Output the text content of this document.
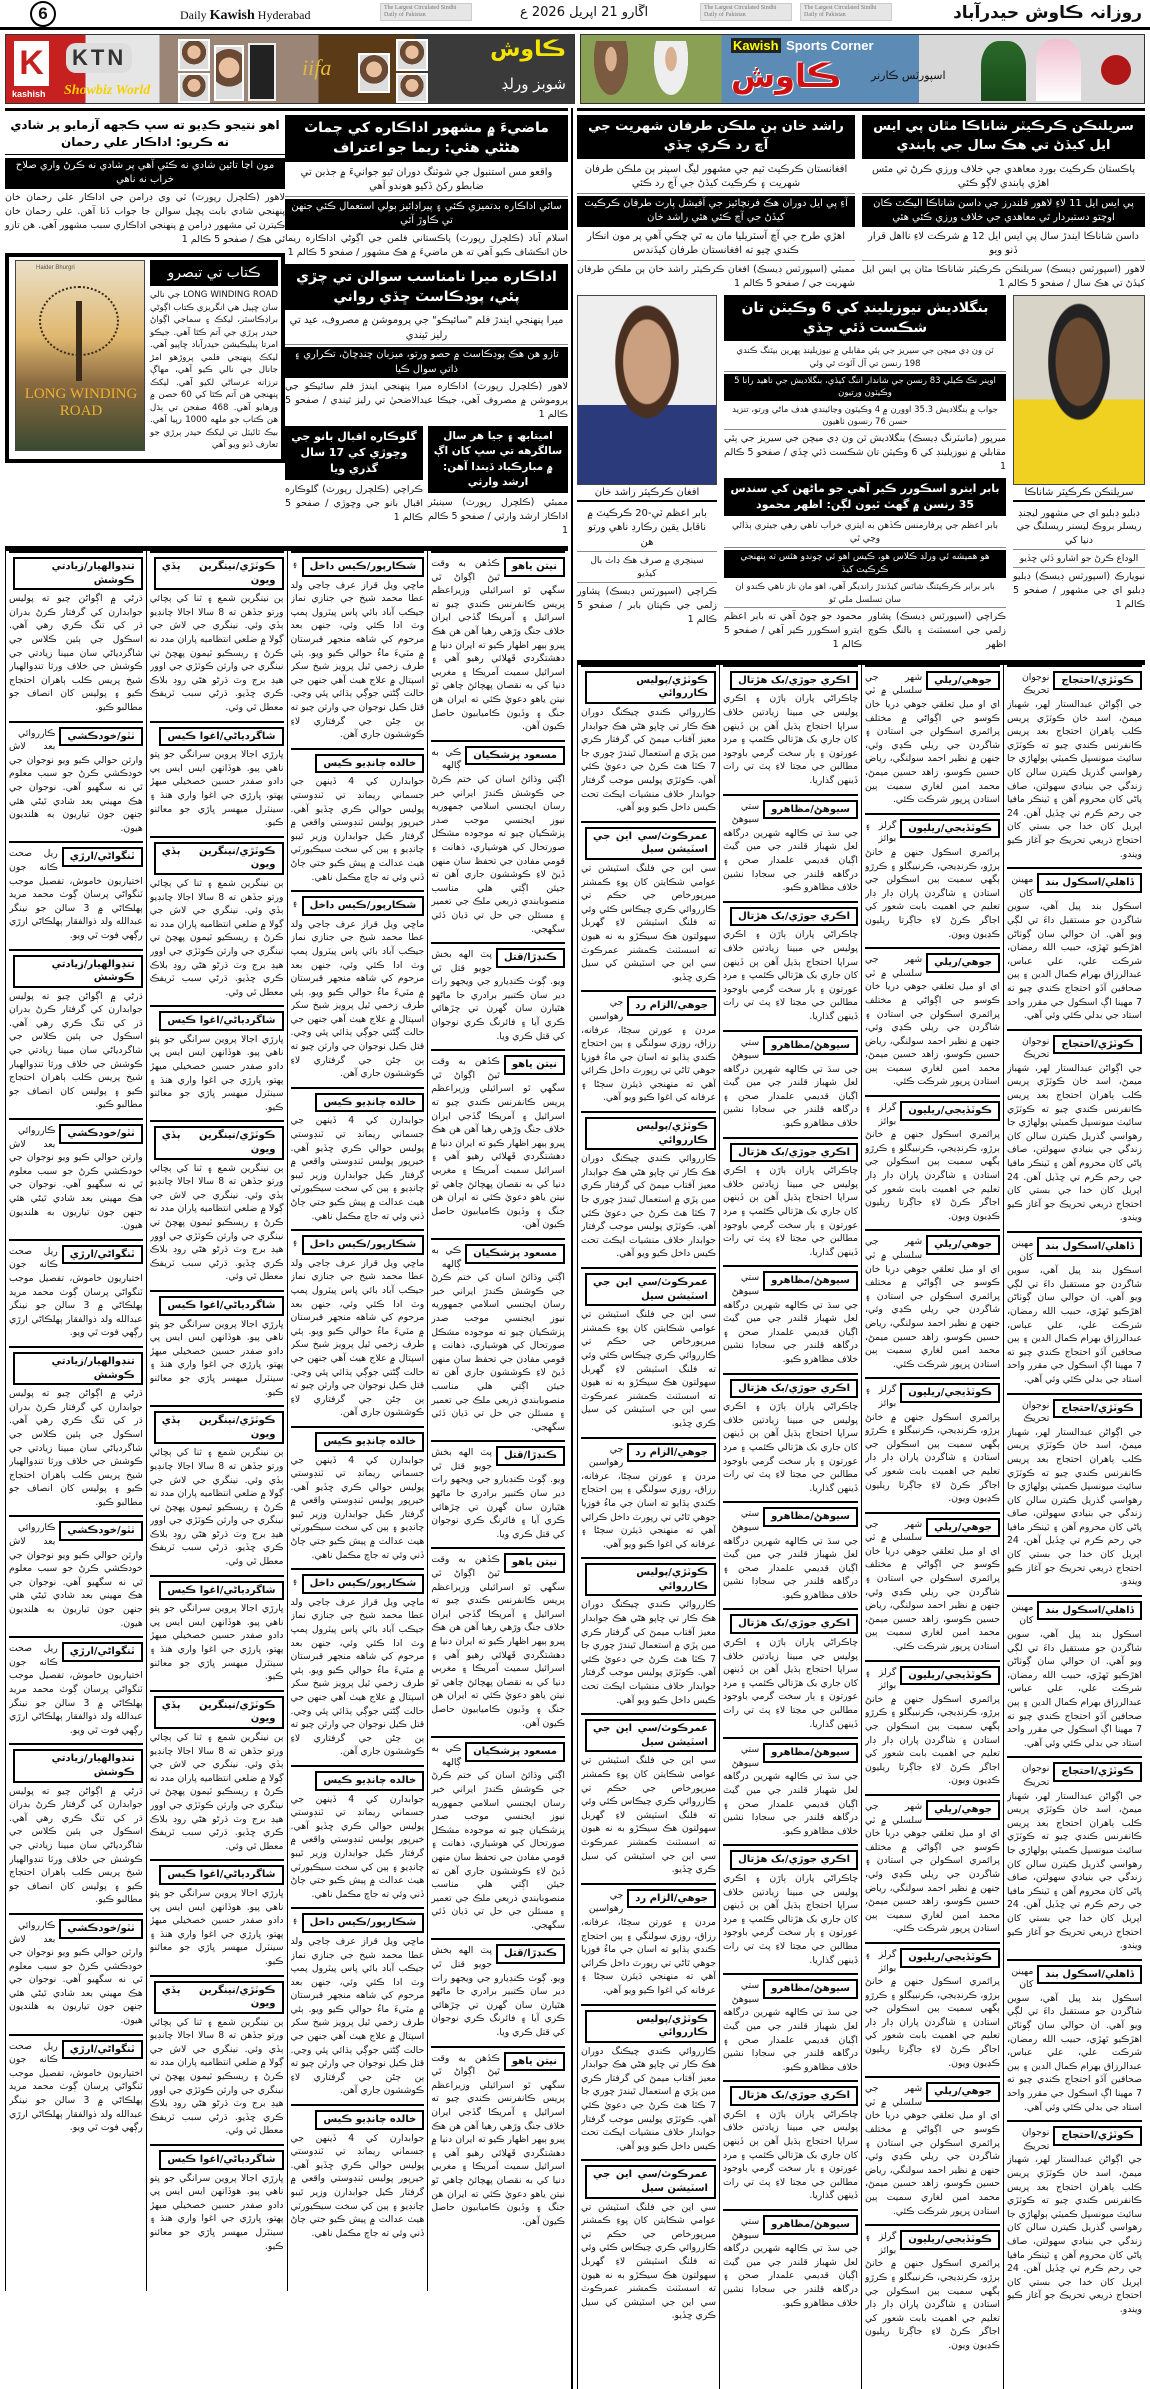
6	Daily Kawish Hyderabad	The Largest Circulated Sindhi Daily of Pakistan	اڱارو 21 اپريل 2026 ع	The Largest Circulated Sindhi Daily of Pakistan
The Largest Circulated Sindhi Daily of Pakistan	روزانہ ڪاوش حيدرآباد
K
kashish
KTN
Showbiz World
iifa
ڪاوش
شوبز ورلڊ
Kawish Sports Corner
ڪاوش	اسپورٽس ڪارنر
سريلنڪن ڪرڪيٽر شاناڪا مٿان پي ايس ايل کيڏڻ تي هڪ سال جي پابندي
پاڪستان ڪرڪيٽ بورڊ معاهدي جي خلاف ورزي ڪرڻ تي مٿس اهڙي پابندي لاڳو ڪئي
پي ايس ايل 11 لاءِ لاهور قلندرز جي داسن شاناڪا اليڪٽ ڪان اوچتو دستبردار ٿي معاهدي جي خلاف ورزي ڪئي هئي
داسن شاناڪا ايندڙ سال پي ايس ايل 12 ۾ شرڪت لاءِ نااهل قرار ڏنو ويو
لاهور (اسپورٽس ڊيسڪ) سريلنڪن ڪرڪيٽر شاناڪا مٿان پي ايس ايل کيڏڻ تي هڪ سال / صفحو 5 ڪالم 1
راشد خان ٻن ملڪن طرفان شهريت جي آڇ رد ڪري ڇڏي
افغانستان ڪرڪيٽ ٽيم جي مشهور ليگ اسپنر ٻن ملڪن طرفان شهريت ۽ ڪرڪيٽ کيڏڻ جي آڇ رد ڪئي
آءِ پي ايل دوران هڪ فرنچائيز جي آفيشل پارٽ طرفان ڪرڪيٽ کيڏڻ جي آڇ ڪئي هئي راشد خان
اهڙي طرح جي آڇ آسٽريليا مان به ٿي چڪي آهي پر مون انڪار ڪندي چيو ته افغانستان طرفان کيڏندس
ممبئي (اسپورٽس ڊيسڪ) افغان ڪرڪيٽر راشد خان ٻن ملڪن طرفان شهريت جي / صفحو 5 ڪالم 1
سريلنڪن ڪرڪيٽر شاناڪا
ڊبليو ڊبليو اي جي مشهور ليجنڊ ريسلر بروڪ ليسنر ريسلنگ جي دنيا کي
الوداع ڪرڻ جو اشارو ڏئي ڇڏيو
نيويارڪ (اسپورٽس ڊيسڪ) ڊبليو ڊبليو اي جي مشهور / صفحو 5 ڪالم 1
بنگلاديش نيوزيلينڊ کي 6 وڪيٽن تان شڪست ڏئي ڇڏي
ٽن ون ڊي ميچن جي سيريز جي ٻئي مقابلي ۾ نيوزيلينڊ پهرين بيٽنگ ڪندي 198 رنسن تي آل آئوٽ ٿي وئي
اوپنر نڪ ڪيلي 83 رنسن جي شاندار اننگ کيڏي، بنگلاديش جي ناهيد رانا 5 وڪيٽون ورتيون
جواب ۾ بنگلاديش 35.3 اوورن ۾ 4 وڪيٽون وڃائيندي هدف ماڻي ورتو، تنزيد حسن 76 رنسون ٺاهيون
ميرپور (مانيٽرنگ ڊيسڪ) بنگلاديش ٽن ون ڊي ميچن جي سيريز جي ٻئي مقابلي ۾ نيوزيلينڊ کي 6 وڪيٽن تان شڪست ڏئي ڇڏي / صفحو 5 ڪالم 1
بابر ايترو اسڪورر ڪير آهي جو ماڻهن کي سندس 35 رنسن ۾ گهٽ ٿيون لڳن: اظهر محمود
بابر اعظم جي پرفارمنس ڪڏهن به ايتري خراب ناهي رهي جيتري ٻڌائي وڃي ٿي
هو هميشه ئي ورلڊ ڪلاس هو، ڪيس اهو ئي چوندو هئس ته پنهنجي ڪرڪيٽ کيڏ
بابر برابر ڪرڪيٽنگ شاٽس کيڏندڙ رانديگر آهي، اهو مان ناز ناهي ڪندو ان سان تسلسل ملي ٿو
ڪراچي (اسپورٽس ڊيسڪ) پشاور زلمي جي اسسٽنٽ ۽ بالنگ ڪوچ اظهر
محمود جو چوڻ آهي ته بابر اعظم ايترو اسڪورر ڪير آهي / صفحو 5 ڪالم 1
افغان ڪرڪيٽر راشد خان
بابر اعظم ٽي-20 ڪرڪيٽ ۾ ناقابل يقين رڪارڊ ناهي ورتو هن
سينچري ۾ صرف هڪ ڊاٽ بال کيڏيو
ڪراچي (اسپورٽس ڊيسڪ) پشاور زلمي جي ڪپتان بابر / صفحو 5 ڪالم 1
ڪوٽڙي/احتجاج
نوجوان تحريڪ جي اڳواڻن عبدالستار لهر، شهباز ميمڻ، اسد خان ڪوٽڙي پريس ڪلب ٻاهران احتجاج بعد پريس ڪانفرنس ڪندي چيو ته ڪوٽڙي سائيٽ ميونسپل ڪميٽي ٻولهاڙي جا رهواسي گذريل ڪيترن سالن کان زندگي جي بنيادي سهولتن، صاف پاڻي کان محروم آهن ۽ ٽينڪر مافيا جي رحم ڪرم تي ڇڏيل آهن. 24 اپريل کان خدا جي بستي کان احتجاج ذريعي تحريڪ جو آغاز ڪيو ويندو.
ڏاھلي/اسڪول بند
مهينن کان اسڪول بند پيل آهي، سوين شاگردن جو مستقبل داءَ تي لڳي ويو آهي. ان حوالي سان ڳوٺاڻن اهڙڪيو ٿهڙي، حبيب الله رمضان، شرڪت علي، علي عباس، عبدالرزاق بهرام ڪمال الدين ۽ ٻين صحافين آڏو احتجاج ڪندي چيو ته 7 مهينا اڳ اسڪول جي مقرر واحد استاد جي بدلي ڪئي وئي آهي.
ڪوٽڙي/احتجاج
نوجوان تحريڪ جي اڳواڻن عبدالستار لهر، شهباز ميمڻ، اسد خان ڪوٽڙي پريس ڪلب ٻاهران احتجاج بعد پريس ڪانفرنس ڪندي چيو ته ڪوٽڙي سائيٽ ميونسپل ڪميٽي ٻولهاڙي جا رهواسي گذريل ڪيترن سالن کان زندگي جي بنيادي سهولتن، صاف پاڻي کان محروم آهن ۽ ٽينڪر مافيا جي رحم ڪرم تي ڇڏيل آهن. 24 اپريل کان خدا جي بستي کان احتجاج ذريعي تحريڪ جو آغاز ڪيو ويندو.
ڏاھلي/اسڪول بند
مهينن کان اسڪول بند پيل آهي، سوين شاگردن جو مستقبل داءَ تي لڳي ويو آهي. ان حوالي سان ڳوٺاڻن اهڙڪيو ٿهڙي، حبيب الله رمضان، شرڪت علي، علي عباس، عبدالرزاق بهرام ڪمال الدين ۽ ٻين صحافين آڏو احتجاج ڪندي چيو ته 7 مهينا اڳ اسڪول جي مقرر واحد استاد جي بدلي ڪئي وئي آهي.
ڪوٽڙي/احتجاج
نوجوان تحريڪ جي اڳواڻن عبدالستار لهر، شهباز ميمڻ، اسد خان ڪوٽڙي پريس ڪلب ٻاهران احتجاج بعد پريس ڪانفرنس ڪندي چيو ته ڪوٽڙي سائيٽ ميونسپل ڪميٽي ٻولهاڙي جا رهواسي گذريل ڪيترن سالن کان زندگي جي بنيادي سهولتن، صاف پاڻي کان محروم آهن ۽ ٽينڪر مافيا جي رحم ڪرم تي ڇڏيل آهن. 24 اپريل کان خدا جي بستي کان احتجاج ذريعي تحريڪ جو آغاز ڪيو ويندو.
ڏاھلي/اسڪول بند
مهينن کان اسڪول بند پيل آهي، سوين شاگردن جو مستقبل داءَ تي لڳي ويو آهي. ان حوالي سان ڳوٺاڻن اهڙڪيو ٿهڙي، حبيب الله رمضان، شرڪت علي، علي عباس، عبدالرزاق بهرام ڪمال الدين ۽ ٻين صحافين آڏو احتجاج ڪندي چيو ته 7 مهينا اڳ اسڪول جي مقرر واحد استاد جي بدلي ڪئي وئي آهي.
ڪوٽڙي/احتجاج
نوجوان تحريڪ جي اڳواڻن عبدالستار لهر، شهباز ميمڻ، اسد خان ڪوٽڙي پريس ڪلب ٻاهران احتجاج بعد پريس ڪانفرنس ڪندي چيو ته ڪوٽڙي سائيٽ ميونسپل ڪميٽي ٻولهاڙي جا رهواسي گذريل ڪيترن سالن کان زندگي جي بنيادي سهولتن، صاف پاڻي کان محروم آهن ۽ ٽينڪر مافيا جي رحم ڪرم تي ڇڏيل آهن. 24 اپريل کان خدا جي بستي کان احتجاج ذريعي تحريڪ جو آغاز ڪيو ويندو.
ڏاھلي/اسڪول بند
مهينن کان اسڪول بند پيل آهي، سوين شاگردن جو مستقبل داءَ تي لڳي ويو آهي. ان حوالي سان ڳوٺاڻن اهڙڪيو ٿهڙي، حبيب الله رمضان، شرڪت علي، علي عباس، عبدالرزاق بهرام ڪمال الدين ۽ ٻين صحافين آڏو احتجاج ڪندي چيو ته 7 مهينا اڳ اسڪول جي مقرر واحد استاد جي بدلي ڪئي وئي آهي.
ڪوٽڙي/احتجاج
نوجوان تحريڪ جي اڳواڻن عبدالستار لهر، شهباز ميمڻ، اسد خان ڪوٽڙي پريس ڪلب ٻاهران احتجاج بعد پريس ڪانفرنس ڪندي چيو ته ڪوٽڙي سائيٽ ميونسپل ڪميٽي ٻولهاڙي جا رهواسي گذريل ڪيترن سالن کان زندگي جي بنيادي سهولتن، صاف پاڻي کان محروم آهن ۽ ٽينڪر مافيا جي رحم ڪرم تي ڇڏيل آهن. 24 اپريل کان خدا جي بستي کان احتجاج ذريعي تحريڪ جو آغاز ڪيو ويندو.
جوهي/ريلي
شهر جي سلسلي ۾ ٽي اي او ميل تعلقي جوهي دريا خان ڪوسو جي اڳواڻي ۾ مختلف پرائمري اسڪولن جي استادن ۽ شاگردن جي ريلي ڪڍي وئي، جنهن ۾ نظير احمد سولنگي، رياض حسين ڪوسو، زاهد حسين ميمڻ، محمد امين لغاري سميت ٻين استادن ڀرپور شرڪت ڪئي.
ڪوٽڏيجي/ريليون
گرلز ۽ بوائز پرائمري اسڪول جنهن ۾ خانڻ ٻرڙو، ڪرنڊيجي، ڪرنبيگلو ۽ ڪرڙو ٻگهي سميت ٻين اسڪولن جي استادن ۽ شاگردن پاران ڊار ڊار تعليم جي اهميت بابت شعور کي اجاگر ڪرڻ لاءِ جاڳرتا ريليون ڪڍيون ويون.
جوهي/ريلي
شهر جي سلسلي ۾ ٽي اي او ميل تعلقي جوهي دريا خان ڪوسو جي اڳواڻي ۾ مختلف پرائمري اسڪولن جي استادن ۽ شاگردن جي ريلي ڪڍي وئي، جنهن ۾ نظير احمد سولنگي، رياض حسين ڪوسو، زاهد حسين ميمڻ، محمد امين لغاري سميت ٻين استادن ڀرپور شرڪت ڪئي.
ڪوٽڏيجي/ريليون
گرلز ۽ بوائز پرائمري اسڪول جنهن ۾ خانڻ ٻرڙو، ڪرنڊيجي، ڪرنبيگلو ۽ ڪرڙو ٻگهي سميت ٻين اسڪولن جي استادن ۽ شاگردن پاران ڊار ڊار تعليم جي اهميت بابت شعور کي اجاگر ڪرڻ لاءِ جاڳرتا ريليون ڪڍيون ويون.
جوهي/ريلي
شهر جي سلسلي ۾ ٽي اي او ميل تعلقي جوهي دريا خان ڪوسو جي اڳواڻي ۾ مختلف پرائمري اسڪولن جي استادن ۽ شاگردن جي ريلي ڪڍي وئي، جنهن ۾ نظير احمد سولنگي، رياض حسين ڪوسو، زاهد حسين ميمڻ، محمد امين لغاري سميت ٻين استادن ڀرپور شرڪت ڪئي.
ڪوٽڏيجي/ريليون
گرلز ۽ بوائز پرائمري اسڪول جنهن ۾ خانڻ ٻرڙو، ڪرنڊيجي، ڪرنبيگلو ۽ ڪرڙو ٻگهي سميت ٻين اسڪولن جي استادن ۽ شاگردن پاران ڊار ڊار تعليم جي اهميت بابت شعور کي اجاگر ڪرڻ لاءِ جاڳرتا ريليون ڪڍيون ويون.
جوهي/ريلي
شهر جي سلسلي ۾ ٽي اي او ميل تعلقي جوهي دريا خان ڪوسو جي اڳواڻي ۾ مختلف پرائمري اسڪولن جي استادن ۽ شاگردن جي ريلي ڪڍي وئي، جنهن ۾ نظير احمد سولنگي، رياض حسين ڪوسو، زاهد حسين ميمڻ، محمد امين لغاري سميت ٻين استادن ڀرپور شرڪت ڪئي.
ڪوٽڏيجي/ريليون
گرلز ۽ بوائز پرائمري اسڪول جنهن ۾ خانڻ ٻرڙو، ڪرنڊيجي، ڪرنبيگلو ۽ ڪرڙو ٻگهي سميت ٻين اسڪولن جي استادن ۽ شاگردن پاران ڊار ڊار تعليم جي اهميت بابت شعور کي اجاگر ڪرڻ لاءِ جاڳرتا ريليون ڪڍيون ويون.
جوهي/ريلي
شهر جي سلسلي ۾ ٽي اي او ميل تعلقي جوهي دريا خان ڪوسو جي اڳواڻي ۾ مختلف پرائمري اسڪولن جي استادن ۽ شاگردن جي ريلي ڪڍي وئي، جنهن ۾ نظير احمد سولنگي، رياض حسين ڪوسو، زاهد حسين ميمڻ، محمد امين لغاري سميت ٻين استادن ڀرپور شرڪت ڪئي.
ڪوٽڏيجي/ريليون
گرلز ۽ بوائز پرائمري اسڪول جنهن ۾ خانڻ ٻرڙو، ڪرنڊيجي، ڪرنبيگلو ۽ ڪرڙو ٻگهي سميت ٻين اسڪولن جي استادن ۽ شاگردن پاران ڊار ڊار تعليم جي اهميت بابت شعور کي اجاگر ڪرڻ لاءِ جاڳرتا ريليون ڪڍيون ويون.
جوهي/ريلي
شهر جي سلسلي ۾ ٽي اي او ميل تعلقي جوهي دريا خان ڪوسو جي اڳواڻي ۾ مختلف پرائمري اسڪولن جي استادن ۽ شاگردن جي ريلي ڪڍي وئي، جنهن ۾ نظير احمد سولنگي، رياض حسين ڪوسو، زاهد حسين ميمڻ، محمد امين لغاري سميت ٻين استادن ڀرپور شرڪت ڪئي.
ڪوٽڏيجي/ريليون
گرلز ۽ بوائز پرائمري اسڪول جنهن ۾ خانڻ ٻرڙو، ڪرنڊيجي، ڪرنبيگلو ۽ ڪرڙو ٻگهي سميت ٻين اسڪولن جي استادن ۽ شاگردن پاران ڊار ڊار تعليم جي اهميت بابت شعور کي اجاگر ڪرڻ لاءِ جاڳرتا ريليون ڪڍيون ويون.
اڪري جوڙي/بک هڙتال
چاڪراڻي پاران ٻاڙن ۽ اڪري پوليس جي مبينا زيادتين خلاف سراپا احتجاج ٻڌيل آهن ٻن ڏينهن کان جاري بک هڙتالي ڪئمپ ۽ مرد عورتون ۽ ٻار سخت گرمي باوجود مطالبن جي مڃتا لاءِ پٽ تي رات ڏينهن گذاريا.
سيوهڻ/مظاهرو
ستي سيوهڻ جي سڌ تي ڪالهه شهرين درگاهه لعل شهباز قلندر جي مين گيٽ اڳيان قديمي علمدار صحن ۽ درگاهه قلندر جي سجاڊا نشين خلاف مظاهرو ڪيو.
اڪري جوڙي/بک هڙتال
چاڪراڻي پاران ٻاڙن ۽ اڪري پوليس جي مبينا زيادتين خلاف سراپا احتجاج ٻڌيل آهن ٻن ڏينهن کان جاري بک هڙتالي ڪئمپ ۽ مرد عورتون ۽ ٻار سخت گرمي باوجود مطالبن جي مڃتا لاءِ پٽ تي رات ڏينهن گذاريا.
سيوهڻ/مظاهرو
ستي سيوهڻ جي سڌ تي ڪالهه شهرين درگاهه لعل شهباز قلندر جي مين گيٽ اڳيان قديمي علمدار صحن ۽ درگاهه قلندر جي سجاڊا نشين خلاف مظاهرو ڪيو.
اڪري جوڙي/بک هڙتال
چاڪراڻي پاران ٻاڙن ۽ اڪري پوليس جي مبينا زيادتين خلاف سراپا احتجاج ٻڌيل آهن ٻن ڏينهن کان جاري بک هڙتالي ڪئمپ ۽ مرد عورتون ۽ ٻار سخت گرمي باوجود مطالبن جي مڃتا لاءِ پٽ تي رات ڏينهن گذاريا.
سيوهڻ/مظاهرو
ستي سيوهڻ جي سڌ تي ڪالهه شهرين درگاهه لعل شهباز قلندر جي مين گيٽ اڳيان قديمي علمدار صحن ۽ درگاهه قلندر جي سجاڊا نشين خلاف مظاهرو ڪيو.
اڪري جوڙي/بک هڙتال
چاڪراڻي پاران ٻاڙن ۽ اڪري پوليس جي مبينا زيادتين خلاف سراپا احتجاج ٻڌيل آهن ٻن ڏينهن کان جاري بک هڙتالي ڪئمپ ۽ مرد عورتون ۽ ٻار سخت گرمي باوجود مطالبن جي مڃتا لاءِ پٽ تي رات ڏينهن گذاريا.
سيوهڻ/مظاهرو
ستي سيوهڻ جي سڌ تي ڪالهه شهرين درگاهه لعل شهباز قلندر جي مين گيٽ اڳيان قديمي علمدار صحن ۽ درگاهه قلندر جي سجاڊا نشين خلاف مظاهرو ڪيو.
اڪري جوڙي/بک هڙتال
چاڪراڻي پاران ٻاڙن ۽ اڪري پوليس جي مبينا زيادتين خلاف سراپا احتجاج ٻڌيل آهن ٻن ڏينهن کان جاري بک هڙتالي ڪئمپ ۽ مرد عورتون ۽ ٻار سخت گرمي باوجود مطالبن جي مڃتا لاءِ پٽ تي رات ڏينهن گذاريا.
سيوهڻ/مظاهرو
ستي سيوهڻ جي سڌ تي ڪالهه شهرين درگاهه لعل شهباز قلندر جي مين گيٽ اڳيان قديمي علمدار صحن ۽ درگاهه قلندر جي سجاڊا نشين خلاف مظاهرو ڪيو.
اڪري جوڙي/بک هڙتال
چاڪراڻي پاران ٻاڙن ۽ اڪري پوليس جي مبينا زيادتين خلاف سراپا احتجاج ٻڌيل آهن ٻن ڏينهن کان جاري بک هڙتالي ڪئمپ ۽ مرد عورتون ۽ ٻار سخت گرمي باوجود مطالبن جي مڃتا لاءِ پٽ تي رات ڏينهن گذاريا.
سيوهڻ/مظاهرو
ستي سيوهڻ جي سڌ تي ڪالهه شهرين درگاهه لعل شهباز قلندر جي مين گيٽ اڳيان قديمي علمدار صحن ۽ درگاهه قلندر جي سجاڊا نشين خلاف مظاهرو ڪيو.
اڪري جوڙي/بک هڙتال
چاڪراڻي پاران ٻاڙن ۽ اڪري پوليس جي مبينا زيادتين خلاف سراپا احتجاج ٻڌيل آهن ٻن ڏينهن کان جاري بک هڙتالي ڪئمپ ۽ مرد عورتون ۽ ٻار سخت گرمي باوجود مطالبن جي مڃتا لاءِ پٽ تي رات ڏينهن گذاريا.
سيوهڻ/مظاهرو
ستي سيوهڻ جي سڌ تي ڪالهه شهرين درگاهه لعل شهباز قلندر جي مين گيٽ اڳيان قديمي علمدار صحن ۽ درگاهه قلندر جي سجاڊا نشين خلاف مظاهرو ڪيو.
ڪوٽڙي/پوليس ڪارروائي
ڪارروائي ڪندي چيڪنگ دوران هڪ ڪار تي ڇاپو هڻي هڪ جوابدار معيز آفتاب ميمڻ کي گرفتار ڪري مين پڙي ۾ استعمال ٿيندڙ چوري جا 7 ڪٽا هٿ ڪرڻ جي دعويٰ ڪئي آهي. ڪوٽڙي پوليس موجب گرفتار جوابدار خلاف منشيات ايڪٽ تحت ڪيس داخل ڪيو ويو آهي.
عمرڪوٽ/سي اين جي اسٽيشن سيل
سي اين جي فلنگ اسٽيشن تي عوامي شڪايتن کان پوءِ ڪمشنر ميرپورخاص جي حڪم تي ڪارروائي ڪري چيڪاس ڪئي وئي ته فلنگ اسٽيشن لاءِ گهربل سهولتون هڪ سيڪڙو به نه هيون ته اسسٽنٽ ڪمشنر عمرڪوٽ سي اين جي اسٽيشن کي سيل ڪري ڇڏيو.
جوهي/الزام رد
جي رهواسين مردن ۽ عورتن سڄڻا، عرفانه، رزاق، روزي سولنگي ۽ ٻين احتجاج ڪندي ٻڌايو ته اسان جي ماءُ فوزيا جوهي ٿاڻي تي رپورٽ داخل ڪرائي آهي ته منهنجي ڌيئرن سڄڻا ۽ عرفانه کي اغوا ڪيو ويو آهي.
ڪوٽڙي/پوليس ڪارروائي
ڪارروائي ڪندي چيڪنگ دوران هڪ ڪار تي ڇاپو هڻي هڪ جوابدار معيز آفتاب ميمڻ کي گرفتار ڪري مين پڙي ۾ استعمال ٿيندڙ چوري جا 7 ڪٽا هٿ ڪرڻ جي دعويٰ ڪئي آهي. ڪوٽڙي پوليس موجب گرفتار جوابدار خلاف منشيات ايڪٽ تحت ڪيس داخل ڪيو ويو آهي.
عمرڪوٽ/سي اين جي اسٽيشن سيل
سي اين جي فلنگ اسٽيشن تي عوامي شڪايتن کان پوءِ ڪمشنر ميرپورخاص جي حڪم تي ڪارروائي ڪري چيڪاس ڪئي وئي ته فلنگ اسٽيشن لاءِ گهربل سهولتون هڪ سيڪڙو به نه هيون ته اسسٽنٽ ڪمشنر عمرڪوٽ سي اين جي اسٽيشن کي سيل ڪري ڇڏيو.
جوهي/الزام رد
جي رهواسين مردن ۽ عورتن سڄڻا، عرفانه، رزاق، روزي سولنگي ۽ ٻين احتجاج ڪندي ٻڌايو ته اسان جي ماءُ فوزيا جوهي ٿاڻي تي رپورٽ داخل ڪرائي آهي ته منهنجي ڌيئرن سڄڻا ۽ عرفانه کي اغوا ڪيو ويو آهي.
ڪوٽڙي/پوليس ڪارروائي
ڪارروائي ڪندي چيڪنگ دوران هڪ ڪار تي ڇاپو هڻي هڪ جوابدار معيز آفتاب ميمڻ کي گرفتار ڪري مين پڙي ۾ استعمال ٿيندڙ چوري جا 7 ڪٽا هٿ ڪرڻ جي دعويٰ ڪئي آهي. ڪوٽڙي پوليس موجب گرفتار جوابدار خلاف منشيات ايڪٽ تحت ڪيس داخل ڪيو ويو آهي.
عمرڪوٽ/سي اين جي اسٽيشن سيل
سي اين جي فلنگ اسٽيشن تي عوامي شڪايتن کان پوءِ ڪمشنر ميرپورخاص جي حڪم تي ڪارروائي ڪري چيڪاس ڪئي وئي ته فلنگ اسٽيشن لاءِ گهربل سهولتون هڪ سيڪڙو به نه هيون ته اسسٽنٽ ڪمشنر عمرڪوٽ سي اين جي اسٽيشن کي سيل ڪري ڇڏيو.
جوهي/الزام رد
جي رهواسين مردن ۽ عورتن سڄڻا، عرفانه، رزاق، روزي سولنگي ۽ ٻين احتجاج ڪندي ٻڌايو ته اسان جي ماءُ فوزيا جوهي ٿاڻي تي رپورٽ داخل ڪرائي آهي ته منهنجي ڌيئرن سڄڻا ۽ عرفانه کي اغوا ڪيو ويو آهي.
ڪوٽڙي/پوليس ڪارروائي
ڪارروائي ڪندي چيڪنگ دوران هڪ ڪار تي ڇاپو هڻي هڪ جوابدار معيز آفتاب ميمڻ کي گرفتار ڪري مين پڙي ۾ استعمال ٿيندڙ چوري جا 7 ڪٽا هٿ ڪرڻ جي دعويٰ ڪئي آهي. ڪوٽڙي پوليس موجب گرفتار جوابدار خلاف منشيات ايڪٽ تحت ڪيس داخل ڪيو ويو آهي.
عمرڪوٽ/سي اين جي اسٽيشن سيل
سي اين جي فلنگ اسٽيشن تي عوامي شڪايتن کان پوءِ ڪمشنر ميرپورخاص جي حڪم تي ڪارروائي ڪري چيڪاس ڪئي وئي ته فلنگ اسٽيشن لاءِ گهربل سهولتون هڪ سيڪڙو به نه هيون ته اسسٽنٽ ڪمشنر عمرڪوٽ سي اين جي اسٽيشن کي سيل ڪري ڇڏيو.
ماضيءَ ۾ مشهور اداڪاره کي چماٽ هڻڻي هئي: ريما جو اعتراف
واقعو مس استنبول جي شوٽنگ دوران ٿيو جوانيءَ ۾ جذبن تي ضابطو رکڻ ڏکيو هوندو آهي
ساٿي اداڪاره بدتميزي ڪئي ۽ پيراڊائيز ٻولي استعمال ڪئي جنهن تي ڪاوڙ آئي
اسلام آباد (ڪلچرل رپورٽ) پاڪستاني فلمن جي اڳوڻي اداڪاره ريما خان انڪشاف ڪيو آهي ته هن ماضيءَ ۾ هڪ مشهور / صفحو 5 ڪالم 1
اداڪاره ميرا نامناسب سوالن تي چڙي پئي، پوڊڪاسٽ ڇڏي رواني
ميرا پنهنجي ايندڙ فلم "سائيڪو" جي پروموشن ۾ مصروف، عيد تي رليز ٿيندي
تازو هن هڪ پوڊڪاسٽ ۾ حصو ورتو، ميزبان ڇنڊڇاڻ، تڪراري ۽ ذاتي سوال ڪيا
لاهور (ڪلچرل رپورٽ) اداڪاره ميرا پنهنجي ايندڙ فلم سائيڪو جي پروموشن ۾ مصروف آهي، جيڪا عيدالاضحيٰ تي رليز ٿيندي / صفحو 5 ڪالم 1
اميتابھ ۽ جيا هر سال سالگرهه تي سڀ کان اڳ ۾ مبارڪباد ڏيندا آهن: ارشد وارثي
ممبئي (ڪلچرل رپورٽ) سينيئر اداڪار ارشد وارثي / صفحو 5 ڪالم 1
گلوڪاره اقبال بانو جي وڇوڙي کي 17 سال گذري ويا
ڪراچي (ڪلچرل رپورٽ) گلوڪاره اقبال بانو جي وڇوڙي / صفحو 5 ڪالم 1
اهو نتيجو ڪڍيو ته سڀ ڪجهه آزمايو پر شادي نه ڪريو: اداڪار علي رحمان
مون اڃا تائين شادي نه ڪئي آهي پر شادي نه ڪرڻ واري صلاح خراب نه ناهي
لاهور (ڪلچرل رپورٽ) ٽي وي ڊرامن جي اداڪار علي رحمان خان پنهنجي شادي بابت پڇيل سوالن جا جواب ڏنا آهن. علي رحمان خان ڪيترن ئي مشهور ڊرامن ۾ پنهنجي اداڪاري سبب مشهور آهي. هن تازو ئي هڪ / صفحو 5 ڪالم 1
ڪتاب تي تبصرو
LONG WINDING ROAD جي نالي سان ڇپيل هي انگريزي ڪتاب اڳوڻي براڊڪاسٽر، ليکڪ ۽ سماجي اڳواڻ حيدر ٻرڙي جي آتم ڪٿا آهي. جيڪو امرتا پبليڪيشن حيدرآباد ڇاپيو آهي. ليکڪ پنهنجي فلمي پروڙهو امڙ جانال جي نالي ڪيو آهي، مهاڳ نرزانه عرساڻي لکيو آهي. ليکڪ پنهنجي هن آتم ڪٿا کي 60 حصن ۾ ورهايو آهي. 468 صفحن تي ٻڌل هن ڪتاب جو ملهه 1000 رپيا آهي. بيڪ ٽائيٽل تي ليکڪ حيدر ٻرڙي جو تعارف ڏنو ويو آهي
Haider Bhurgri
LONG WINDING ROAD
نيتن ياهو
ڪڏهن به وقت ٿيڻ اڳواڻ ٿي سگهي ٿو اسرائيلي وزيراعظم پريس ڪانفرنس ڪندي چيو ته اسرائيل ۽ آمريڪا گڏجي ايران خلاف جنگ وڙهي رهيا آهن هن هڪ ڀيرو ٻيهر اظهار ڪيو ته ايران دنيا ۾ دهشتگردي ڦهلائي رهيو آهي ۽ اسرائيل سميت آمريڪا ۽ مغربي دنيا کي به نقصان پهچائڻ چاهي ٿو نيتن ياهو دعويٰ ڪئي ته ايران هن جنگ ۽ وڏيون ڪاميابيون حاصل ڪيون آهن.
مسعود پزشڪيان
ڪي به ڳالهه اڳتي وڌائڻ اسان کي ختم ڪرڻ جي ڪوشش ڪندڙ ايراني خبر رسان ايجنسي اسلامي جمهوريه نيوز ايجنسي موجب صدر پزشڪيان چيو ته موجوده مشڪل صورتحال کي هوشياري، ذهانت ۽ قومي مفادن جي تحفظ سان منهن ڏيڻ لاءِ ڪوششون جاري آهن ته جيئن اڳتي هلي مناسب منصوبابندي ذريعي ملڪ جي تعمير ۽ مسئلن جي حل تي ڌيان ڏئي سگهجي.
ڪنڊڙا/قتل
پٽ الهه بخش جويو قتل ٿي ويو. ڳوٺ ڪنڊيارو جي ويجهو رات دير سان ڪتبير برادري جا ماڻهو هٿيارن سان گهرن تي چڙهائي ڪري آيا ۽ فائرنگ ڪري نوجوان کي قتل ڪري ويا.
نيتن ياهو
ڪڏهن به وقت ٿيڻ اڳواڻ ٿي سگهي ٿو اسرائيلي وزيراعظم پريس ڪانفرنس ڪندي چيو ته اسرائيل ۽ آمريڪا گڏجي ايران خلاف جنگ وڙهي رهيا آهن هن هڪ ڀيرو ٻيهر اظهار ڪيو ته ايران دنيا ۾ دهشتگردي ڦهلائي رهيو آهي ۽ اسرائيل سميت آمريڪا ۽ مغربي دنيا کي به نقصان پهچائڻ چاهي ٿو نيتن ياهو دعويٰ ڪئي ته ايران هن جنگ ۽ وڏيون ڪاميابيون حاصل ڪيون آهن.
مسعود پزشڪيان
ڪي به ڳالهه اڳتي وڌائڻ اسان کي ختم ڪرڻ جي ڪوشش ڪندڙ ايراني خبر رسان ايجنسي اسلامي جمهوريه نيوز ايجنسي موجب صدر پزشڪيان چيو ته موجوده مشڪل صورتحال کي هوشياري، ذهانت ۽ قومي مفادن جي تحفظ سان منهن ڏيڻ لاءِ ڪوششون جاري آهن ته جيئن اڳتي هلي مناسب منصوبابندي ذريعي ملڪ جي تعمير ۽ مسئلن جي حل تي ڌيان ڏئي سگهجي.
ڪنڊڙا/قتل
پٽ الهه بخش جويو قتل ٿي ويو. ڳوٺ ڪنڊيارو جي ويجهو رات دير سان ڪتبير برادري جا ماڻهو هٿيارن سان گهرن تي چڙهائي ڪري آيا ۽ فائرنگ ڪري نوجوان کي قتل ڪري ويا.
نيتن ياهو
ڪڏهن به وقت ٿيڻ اڳواڻ ٿي سگهي ٿو اسرائيلي وزيراعظم پريس ڪانفرنس ڪندي چيو ته اسرائيل ۽ آمريڪا گڏجي ايران خلاف جنگ وڙهي رهيا آهن هن هڪ ڀيرو ٻيهر اظهار ڪيو ته ايران دنيا ۾ دهشتگردي ڦهلائي رهيو آهي ۽ اسرائيل سميت آمريڪا ۽ مغربي دنيا کي به نقصان پهچائڻ چاهي ٿو نيتن ياهو دعويٰ ڪئي ته ايران هن جنگ ۽ وڏيون ڪاميابيون حاصل ڪيون آهن.
مسعود پزشڪيان
ڪي به ڳالهه اڳتي وڌائڻ اسان کي ختم ڪرڻ جي ڪوشش ڪندڙ ايراني خبر رسان ايجنسي اسلامي جمهوريه نيوز ايجنسي موجب صدر پزشڪيان چيو ته موجوده مشڪل صورتحال کي هوشياري، ذهانت ۽ قومي مفادن جي تحفظ سان منهن ڏيڻ لاءِ ڪوششون جاري آهن ته جيئن اڳتي هلي مناسب منصوبابندي ذريعي ملڪ جي تعمير ۽ مسئلن جي حل تي ڌيان ڏئي سگهجي.
ڪنڊڙا/قتل
پٽ الهه بخش جويو قتل ٿي ويو. ڳوٺ ڪنڊيارو جي ويجهو رات دير سان ڪتبير برادري جا ماڻهو هٿيارن سان گهرن تي چڙهائي ڪري آيا ۽ فائرنگ ڪري نوجوان کي قتل ڪري ويا.
نيتن ياهو
ڪڏهن به وقت ٿيڻ اڳواڻ ٿي سگهي ٿو اسرائيلي وزيراعظم پريس ڪانفرنس ڪندي چيو ته اسرائيل ۽ آمريڪا گڏجي ايران خلاف جنگ وڙهي رهيا آهن هن هڪ ڀيرو ٻيهر اظهار ڪيو ته ايران دنيا ۾ دهشتگردي ڦهلائي رهيو آهي ۽ اسرائيل سميت آمريڪا ۽ مغربي دنيا کي به نقصان پهچائڻ چاهي ٿو نيتن ياهو دعويٰ ڪئي ته ايران هن جنگ ۽ وڏيون ڪاميابيون حاصل ڪيون آهن.
شڪارپور/ڪيس داخل
۽ ماڇي ويل قراز عرف ڄاڃي ولد عطا محمد شيخ جي جنازي نماز جيڪب آباد بائي پاس پيٽرول پمپ وٽ ادا ڪئي وئي، جنهن بعد مرحوم کي شاهه منجهر قبرستان ۾ مٽيءَ ماءُ حوالي ڪيو ويو. ٻئي طرف زخمي ٿيل پرويز شيخ سکر اسپتال ۾ علاج هيٺ آهي جنهن جي حالت ڳڻتي جوڳي ٻڌائي پئي وڃي. قتل ڪيل نوجوان جي وارثن چيو ته ٻن ڄڻن جي گرفتاري لاءِ ڪوششون جاري آهن.
خالده چانڊيو ڪيس
جوابدارن کي 4 ڏينهن جي جسماني ريمانڊ تي ٽنڊوستي پوليس حوالي ڪري ڇڏيو آهي. خيرپور پوليس ٽنڊوستي واقعي ۾ گرفتار ڪيل جوابدارن وزير ٿيبو چانڊيو ۽ ٻين کي سخت سيڪيورٽي هيٺ عدالت ۾ پيش ڪيو جتي ڄاڻ ڏني وئي ته جاچ مڪمل ناهي.
شڪارپور/ڪيس داخل
۽ ماڇي ويل قراز عرف ڄاڃي ولد عطا محمد شيخ جي جنازي نماز جيڪب آباد بائي پاس پيٽرول پمپ وٽ ادا ڪئي وئي، جنهن بعد مرحوم کي شاهه منجهر قبرستان ۾ مٽيءَ ماءُ حوالي ڪيو ويو. ٻئي طرف زخمي ٿيل پرويز شيخ سکر اسپتال ۾ علاج هيٺ آهي جنهن جي حالت ڳڻتي جوڳي ٻڌائي پئي وڃي. قتل ڪيل نوجوان جي وارثن چيو ته ٻن ڄڻن جي گرفتاري لاءِ ڪوششون جاري آهن.
خالده چانڊيو ڪيس
جوابدارن کي 4 ڏينهن جي جسماني ريمانڊ تي ٽنڊوستي پوليس حوالي ڪري ڇڏيو آهي. خيرپور پوليس ٽنڊوستي واقعي ۾ گرفتار ڪيل جوابدارن وزير ٿيبو چانڊيو ۽ ٻين کي سخت سيڪيورٽي هيٺ عدالت ۾ پيش ڪيو جتي ڄاڻ ڏني وئي ته جاچ مڪمل ناهي.
شڪارپور/ڪيس داخل
۽ ماڇي ويل قراز عرف ڄاڃي ولد عطا محمد شيخ جي جنازي نماز جيڪب آباد بائي پاس پيٽرول پمپ وٽ ادا ڪئي وئي، جنهن بعد مرحوم کي شاهه منجهر قبرستان ۾ مٽيءَ ماءُ حوالي ڪيو ويو. ٻئي طرف زخمي ٿيل پرويز شيخ سکر اسپتال ۾ علاج هيٺ آهي جنهن جي حالت ڳڻتي جوڳي ٻڌائي پئي وڃي. قتل ڪيل نوجوان جي وارثن چيو ته ٻن ڄڻن جي گرفتاري لاءِ ڪوششون جاري آهن.
خالده چانڊيو ڪيس
جوابدارن کي 4 ڏينهن جي جسماني ريمانڊ تي ٽنڊوستي پوليس حوالي ڪري ڇڏيو آهي. خيرپور پوليس ٽنڊوستي واقعي ۾ گرفتار ڪيل جوابدارن وزير ٿيبو چانڊيو ۽ ٻين کي سخت سيڪيورٽي هيٺ عدالت ۾ پيش ڪيو جتي ڄاڻ ڏني وئي ته جاچ مڪمل ناهي.
شڪارپور/ڪيس داخل
۽ ماڇي ويل قراز عرف ڄاڃي ولد عطا محمد شيخ جي جنازي نماز جيڪب آباد بائي پاس پيٽرول پمپ وٽ ادا ڪئي وئي، جنهن بعد مرحوم کي شاهه منجهر قبرستان ۾ مٽيءَ ماءُ حوالي ڪيو ويو. ٻئي طرف زخمي ٿيل پرويز شيخ سکر اسپتال ۾ علاج هيٺ آهي جنهن جي حالت ڳڻتي جوڳي ٻڌائي پئي وڃي. قتل ڪيل نوجوان جي وارثن چيو ته ٻن ڄڻن جي گرفتاري لاءِ ڪوششون جاري آهن.
خالده چانڊيو ڪيس
جوابدارن کي 4 ڏينهن جي جسماني ريمانڊ تي ٽنڊوستي پوليس حوالي ڪري ڇڏيو آهي. خيرپور پوليس ٽنڊوستي واقعي ۾ گرفتار ڪيل جوابدارن وزير ٿيبو چانڊيو ۽ ٻين کي سخت سيڪيورٽي هيٺ عدالت ۾ پيش ڪيو جتي ڄاڻ ڏني وئي ته جاچ مڪمل ناهي.
شڪارپور/ڪيس داخل
۽ ماڇي ويل قراز عرف ڄاڃي ولد عطا محمد شيخ جي جنازي نماز جيڪب آباد بائي پاس پيٽرول پمپ وٽ ادا ڪئي وئي، جنهن بعد مرحوم کي شاهه منجهر قبرستان ۾ مٽيءَ ماءُ حوالي ڪيو ويو. ٻئي طرف زخمي ٿيل پرويز شيخ سکر اسپتال ۾ علاج هيٺ آهي جنهن جي حالت ڳڻتي جوڳي ٻڌائي پئي وڃي. قتل ڪيل نوجوان جي وارثن چيو ته ٻن ڄڻن جي گرفتاري لاءِ ڪوششون جاري آهن.
خالده چانڊيو ڪيس
جوابدارن کي 4 ڏينهن جي جسماني ريمانڊ تي ٽنڊوستي پوليس حوالي ڪري ڇڏيو آهي. خيرپور پوليس ٽنڊوستي واقعي ۾ گرفتار ڪيل جوابدارن وزير ٿيبو چانڊيو ۽ ٻين کي سخت سيڪيورٽي هيٺ عدالت ۾ پيش ڪيو جتي ڄاڻ ڏني وئي ته جاچ مڪمل ناهي.
ڪوٽڙي/نينگرين ٻڏي ويون
ٻن نينگرين شمع ۽ ثنا کي ٻچائي ورتو جڏهن ته 8 سالا اجالا چانڊيو ٻڏي وئي. نينگري جي لاش جي ڳولا ۾ ضلعي انتظاميه پاران مدد نه ڪرڻ ۽ ريسڪيو ٽيمون پهچڻ تي نينگري جي وارثن ڪوٽڙي جي اوور هيڊ برج وٽ ڌرڻو هڻي روڊ بلاڪ ڪري ڇڏيو. ڌرڻي سبب ٽريفڪ معطل ٿي وئي.
شاگردياڻي/اغوا ڪيس
ڀارڙي اجالا پروين سرانگي جو پتو ناهي پيو. هوڏانهن ايس ايس پي دادو صفدر حسين خصخيلي ميهڙ پهتو، ڀارڙي جي اغوا واري هنڌ ۽ سينٽرل ميهسر ڀاڙي جو معائنو ڪيو.
ڪوٽڙي/نينگرين ٻڏي ويون
ٻن نينگرين شمع ۽ ثنا کي ٻچائي ورتو جڏهن ته 8 سالا اجالا چانڊيو ٻڏي وئي. نينگري جي لاش جي ڳولا ۾ ضلعي انتظاميه پاران مدد نه ڪرڻ ۽ ريسڪيو ٽيمون پهچڻ تي نينگري جي وارثن ڪوٽڙي جي اوور هيڊ برج وٽ ڌرڻو هڻي روڊ بلاڪ ڪري ڇڏيو. ڌرڻي سبب ٽريفڪ معطل ٿي وئي.
شاگردياڻي/اغوا ڪيس
ڀارڙي اجالا پروين سرانگي جو پتو ناهي پيو. هوڏانهن ايس ايس پي دادو صفدر حسين خصخيلي ميهڙ پهتو، ڀارڙي جي اغوا واري هنڌ ۽ سينٽرل ميهسر ڀاڙي جو معائنو ڪيو.
ڪوٽڙي/نينگرين ٻڏي ويون
ٻن نينگرين شمع ۽ ثنا کي ٻچائي ورتو جڏهن ته 8 سالا اجالا چانڊيو ٻڏي وئي. نينگري جي لاش جي ڳولا ۾ ضلعي انتظاميه پاران مدد نه ڪرڻ ۽ ريسڪيو ٽيمون پهچڻ تي نينگري جي وارثن ڪوٽڙي جي اوور هيڊ برج وٽ ڌرڻو هڻي روڊ بلاڪ ڪري ڇڏيو. ڌرڻي سبب ٽريفڪ معطل ٿي وئي.
شاگردياڻي/اغوا ڪيس
ڀارڙي اجالا پروين سرانگي جو پتو ناهي پيو. هوڏانهن ايس ايس پي دادو صفدر حسين خصخيلي ميهڙ پهتو، ڀارڙي جي اغوا واري هنڌ ۽ سينٽرل ميهسر ڀاڙي جو معائنو ڪيو.
ڪوٽڙي/نينگرين ٻڏي ويون
ٻن نينگرين شمع ۽ ثنا کي ٻچائي ورتو جڏهن ته 8 سالا اجالا چانڊيو ٻڏي وئي. نينگري جي لاش جي ڳولا ۾ ضلعي انتظاميه پاران مدد نه ڪرڻ ۽ ريسڪيو ٽيمون پهچڻ تي نينگري جي وارثن ڪوٽڙي جي اوور هيڊ برج وٽ ڌرڻو هڻي روڊ بلاڪ ڪري ڇڏيو. ڌرڻي سبب ٽريفڪ معطل ٿي وئي.
شاگردياڻي/اغوا ڪيس
ڀارڙي اجالا پروين سرانگي جو پتو ناهي پيو. هوڏانهن ايس ايس پي دادو صفدر حسين خصخيلي ميهڙ پهتو، ڀارڙي جي اغوا واري هنڌ ۽ سينٽرل ميهسر ڀاڙي جو معائنو ڪيو.
ڪوٽڙي/نينگرين ٻڏي ويون
ٻن نينگرين شمع ۽ ثنا کي ٻچائي ورتو جڏهن ته 8 سالا اجالا چانڊيو ٻڏي وئي. نينگري جي لاش جي ڳولا ۾ ضلعي انتظاميه پاران مدد نه ڪرڻ ۽ ريسڪيو ٽيمون پهچڻ تي نينگري جي وارثن ڪوٽڙي جي اوور هيڊ برج وٽ ڌرڻو هڻي روڊ بلاڪ ڪري ڇڏيو. ڌرڻي سبب ٽريفڪ معطل ٿي وئي.
شاگردياڻي/اغوا ڪيس
ڀارڙي اجالا پروين سرانگي جو پتو ناهي پيو. هوڏانهن ايس ايس پي دادو صفدر حسين خصخيلي ميهڙ پهتو، ڀارڙي جي اغوا واري هنڌ ۽ سينٽرل ميهسر ڀاڙي جو معائنو ڪيو.
ڪوٽڙي/نينگرين ٻڏي ويون
ٻن نينگرين شمع ۽ ثنا کي ٻچائي ورتو جڏهن ته 8 سالا اجالا چانڊيو ٻڏي وئي. نينگري جي لاش جي ڳولا ۾ ضلعي انتظاميه پاران مدد نه ڪرڻ ۽ ريسڪيو ٽيمون پهچڻ تي نينگري جي وارثن ڪوٽڙي جي اوور هيڊ برج وٽ ڌرڻو هڻي روڊ بلاڪ ڪري ڇڏيو. ڌرڻي سبب ٽريفڪ معطل ٿي وئي.
شاگردياڻي/اغوا ڪيس
ڀارڙي اجالا پروين سرانگي جو پتو ناهي پيو. هوڏانهن ايس ايس پي دادو صفدر حسين خصخيلي ميهڙ پهتو، ڀارڙي جي اغوا واري هنڌ ۽ سينٽرل ميهسر ڀاڙي جو معائنو ڪيو.
تنڊوالهيار/زيادتي ڪوشش
ڌرڻي ۾ اڳواڻن چيو ته پوليس جوابدارن کي گرفتار ڪرڻ بدران ڌر کي تنگ ڪري رهي آهي. اسڪول جي ٻئين ڪلاس جي شاگردياڻي سان مبينا زيادتي جي ڪوشش جي خلاف ورثا تنڊوالهيار شيخ پريس ڪلب ٻاهران احتجاج ڪيو ۽ پوليس کان انصاف جو مطالبو ڪيو.
ٺٽو/خودڪشي
ڪارروائي بعد لاش وارثن حوالي ڪيو ويو نوجوان جي خودڪشي ڪرڻ جو سبب معلوم ٿي نه سگهيو آهي. نوجوان جي هڪ مهيني بعد شادي ٿيڻي هئي جنهن جون تياريون به هلنديون هيون.
ٽنگواڻي/ارڙي
ريل صحت ڪانه جون اختياريون خاموش، تفصيل موجب ٽنگواڻي پرسان ڳوٺ محمد مريد ٻهلڪاڻي ۾ 3 سالن جو نينگر عبدالله ولد ذوالفقار ٻهلڪاڻي ارڙي رڳهي فوت ٿي ويو.
تنڊوالهيار/زيادتي ڪوشش
ڌرڻي ۾ اڳواڻن چيو ته پوليس جوابدارن کي گرفتار ڪرڻ بدران ڌر کي تنگ ڪري رهي آهي. اسڪول جي ٻئين ڪلاس جي شاگردياڻي سان مبينا زيادتي جي ڪوشش جي خلاف ورثا تنڊوالهيار شيخ پريس ڪلب ٻاهران احتجاج ڪيو ۽ پوليس کان انصاف جو مطالبو ڪيو.
ٺٽو/خودڪشي
ڪارروائي بعد لاش وارثن حوالي ڪيو ويو نوجوان جي خودڪشي ڪرڻ جو سبب معلوم ٿي نه سگهيو آهي. نوجوان جي هڪ مهيني بعد شادي ٿيڻي هئي جنهن جون تياريون به هلنديون هيون.
ٽنگواڻي/ارڙي
ريل صحت ڪانه جون اختياريون خاموش، تفصيل موجب ٽنگواڻي پرسان ڳوٺ محمد مريد ٻهلڪاڻي ۾ 3 سالن جو نينگر عبدالله ولد ذوالفقار ٻهلڪاڻي ارڙي رڳهي فوت ٿي ويو.
تنڊوالهيار/زيادتي ڪوشش
ڌرڻي ۾ اڳواڻن چيو ته پوليس جوابدارن کي گرفتار ڪرڻ بدران ڌر کي تنگ ڪري رهي آهي. اسڪول جي ٻئين ڪلاس جي شاگردياڻي سان مبينا زيادتي جي ڪوشش جي خلاف ورثا تنڊوالهيار شيخ پريس ڪلب ٻاهران احتجاج ڪيو ۽ پوليس کان انصاف جو مطالبو ڪيو.
ٺٽو/خودڪشي
ڪارروائي بعد لاش وارثن حوالي ڪيو ويو نوجوان جي خودڪشي ڪرڻ جو سبب معلوم ٿي نه سگهيو آهي. نوجوان جي هڪ مهيني بعد شادي ٿيڻي هئي جنهن جون تياريون به هلنديون هيون.
ٽنگواڻي/ارڙي
ريل صحت ڪانه جون اختياريون خاموش، تفصيل موجب ٽنگواڻي پرسان ڳوٺ محمد مريد ٻهلڪاڻي ۾ 3 سالن جو نينگر عبدالله ولد ذوالفقار ٻهلڪاڻي ارڙي رڳهي فوت ٿي ويو.
تنڊوالهيار/زيادتي ڪوشش
ڌرڻي ۾ اڳواڻن چيو ته پوليس جوابدارن کي گرفتار ڪرڻ بدران ڌر کي تنگ ڪري رهي آهي. اسڪول جي ٻئين ڪلاس جي شاگردياڻي سان مبينا زيادتي جي ڪوشش جي خلاف ورثا تنڊوالهيار شيخ پريس ڪلب ٻاهران احتجاج ڪيو ۽ پوليس کان انصاف جو مطالبو ڪيو.
ٺٽو/خودڪشي
ڪارروائي بعد لاش وارثن حوالي ڪيو ويو نوجوان جي خودڪشي ڪرڻ جو سبب معلوم ٿي نه سگهيو آهي. نوجوان جي هڪ مهيني بعد شادي ٿيڻي هئي جنهن جون تياريون به هلنديون هيون.
ٽنگواڻي/ارڙي
ريل صحت ڪانه جون اختياريون خاموش، تفصيل موجب ٽنگواڻي پرسان ڳوٺ محمد مريد ٻهلڪاڻي ۾ 3 سالن جو نينگر عبدالله ولد ذوالفقار ٻهلڪاڻي ارڙي رڳهي فوت ٿي ويو.
